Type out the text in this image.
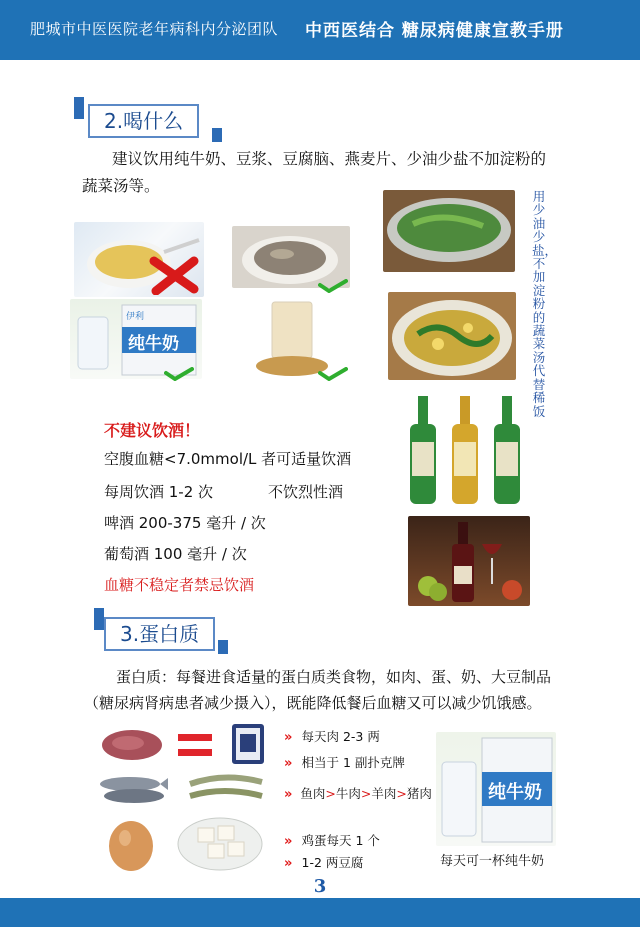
肥城市中医医院老年病科内分泌团队 中西医结合 糖尿病健康宣教手册
2.喝什么
建议饮用纯牛奶、豆浆、豆腐脑、燕麦片、少油少盐不加淀粉的
蔬菜汤等。
伊利
纯牛奶
用少油少盐，不加淀粉的蔬菜汤代替稀饭
不建议饮酒！
空腹血糖<7.0mmol/L 者可适量饮酒
每周饮酒 1-2 次	不饮烈性酒
啤酒 200-375 毫升 / 次
葡萄酒 100 毫升 / 次
血糖不稳定者禁忌饮酒
3.蛋白质
蛋白质：每餐进食适量的蛋白质类食物，如肉、蛋、奶、大豆制品
（糖尿病肾病患者减少摄入），既能降低餐后血糖又可以减少饥饿感。
» 每天肉 2-3 两
» 相当于 1 副扑克牌
» 鱼肉>牛肉>羊肉>猪肉
» 鸡蛋每天 1 个
» 1-2 两豆腐
纯牛奶
每天可一杯纯牛奶
3
